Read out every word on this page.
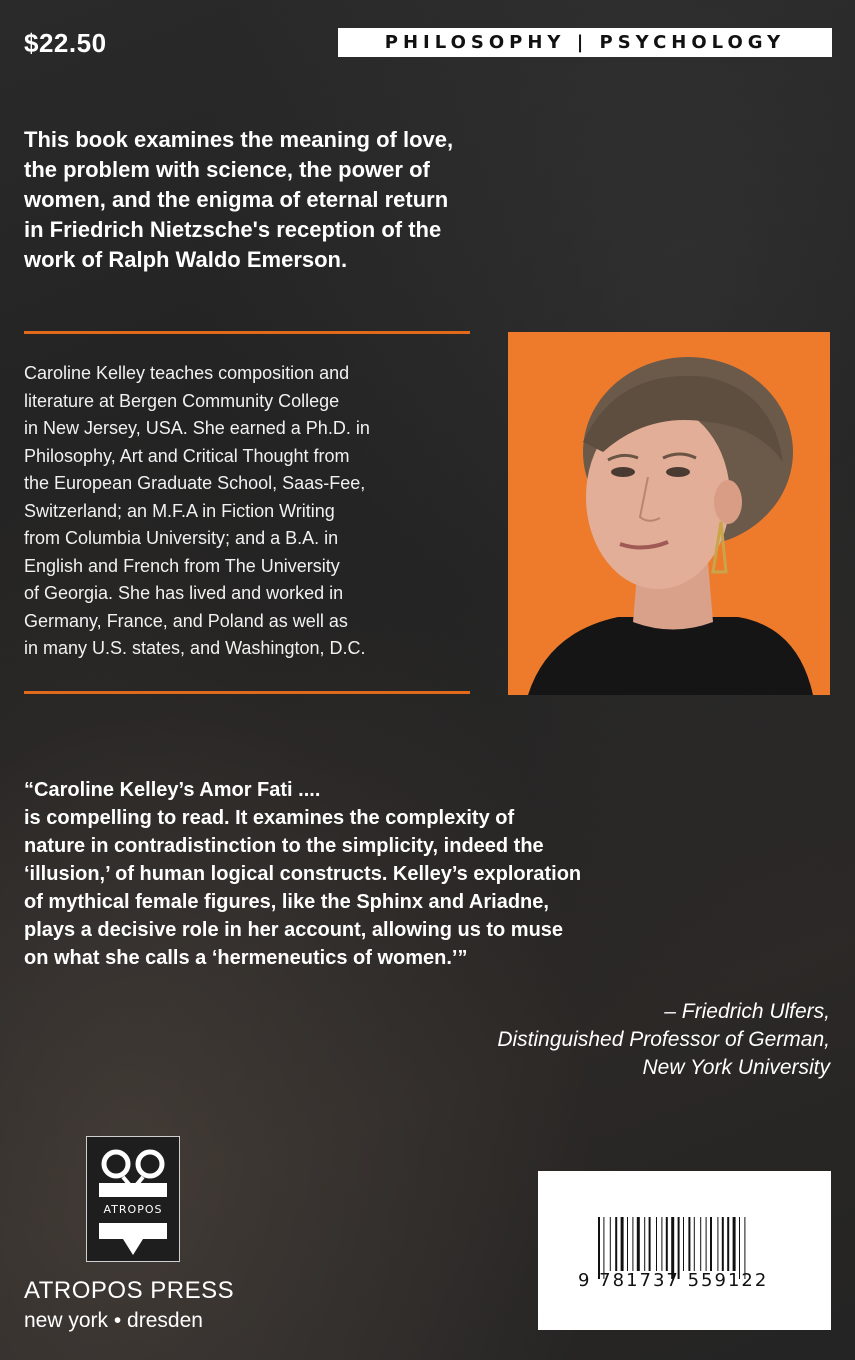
$22.50	PHILOSOPHY | PSYCHOLOGY
This book examines the meaning of love,
the problem with science, the power of
women, and the enigma of eternal return
in Friedrich Nietzsche's reception of the
work of Ralph Waldo Emerson.
Caroline Kelley teaches composition and
literature at Bergen Community College
in New Jersey, USA. She earned a Ph.D. in
Philosophy, Art and Critical Thought from
the European Graduate School, Saas-Fee,
Switzerland; an M.F.A in Fiction Writing
from Columbia University; and a B.A. in
English and French from The University
of Georgia. She has lived and worked in
Germany, France, and Poland as well as
in many U.S. states, and Washington, D.C.
“Caroline Kelley’s Amor Fati ....
is compelling to read. It examines the complexity of
nature in contradistinction to the simplicity, indeed the
‘illusion,’ of human logical constructs. Kelley’s exploration
of mythical female figures, like the Sphinx and Ariadne,
plays a decisive role in her account, allowing us to muse
on what she calls a ‘hermeneutics of women.’”
– Friedrich Ulfers,
Distinguished Professor of German,
New York University
ATROPOS
ATROPOS PRESS
new york • dresden
9 781737 559122
